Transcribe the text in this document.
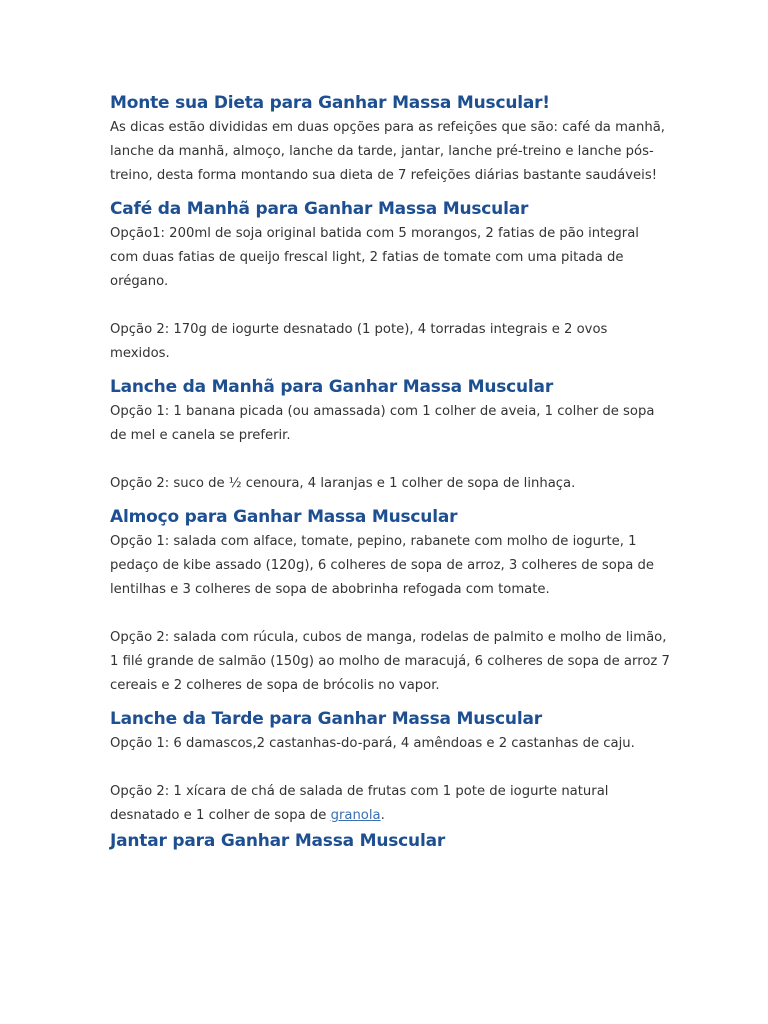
Monte sua Dieta para Ganhar Massa Muscular!

As dicas estão divididas em duas opções para as refeições que são: café da manhã, lanche da manhã, almoço, lanche da tarde, jantar, lanche pré-treino e lanche pós-treino, desta forma montando sua dieta de 7 refeições diárias bastante saudáveis!

Café da Manhã para Ganhar Massa Muscular

Opção1: 200ml de soja original batida com 5 morangos, 2 fatias de pão integral com duas fatias de queijo frescal light, 2 fatias de tomate com uma pitada de orégano.

Opção 2: 170g de iogurte desnatado (1 pote), 4 torradas integrais e 2 ovos mexidos.

Lanche da Manhã para Ganhar Massa Muscular

Opção 1: 1 banana picada (ou amassada) com 1 colher de aveia, 1 colher de sopa de mel e canela se preferir.

Opção 2: suco de ½ cenoura, 4 laranjas e 1 colher de sopa de linhaça.

Almoço para Ganhar Massa Muscular

Opção 1: salada com alface, tomate, pepino, rabanete com molho de iogurte, 1 pedaço de kibe assado (120g), 6 colheres de sopa de arroz, 3 colheres de sopa de lentilhas e 3 colheres de sopa de abobrinha refogada com tomate.

Opção 2: salada com rúcula, cubos de manga, rodelas de palmito e molho de limão, 1 filé grande de salmão (150g) ao molho de maracujá, 6 colheres de sopa de arroz 7 cereais e 2 colheres de sopa de brócolis no vapor.

Lanche da Tarde para Ganhar Massa Muscular

Opção 1: 6 damascos,2 castanhas-do-pará, 4 amêndoas e 2 castanhas de caju.

Opção 2: 1 xícara de chá de salada de frutas com 1 pote de iogurte natural desnatado e 1 colher de sopa de granola.

Jantar para Ganhar Massa Muscular
